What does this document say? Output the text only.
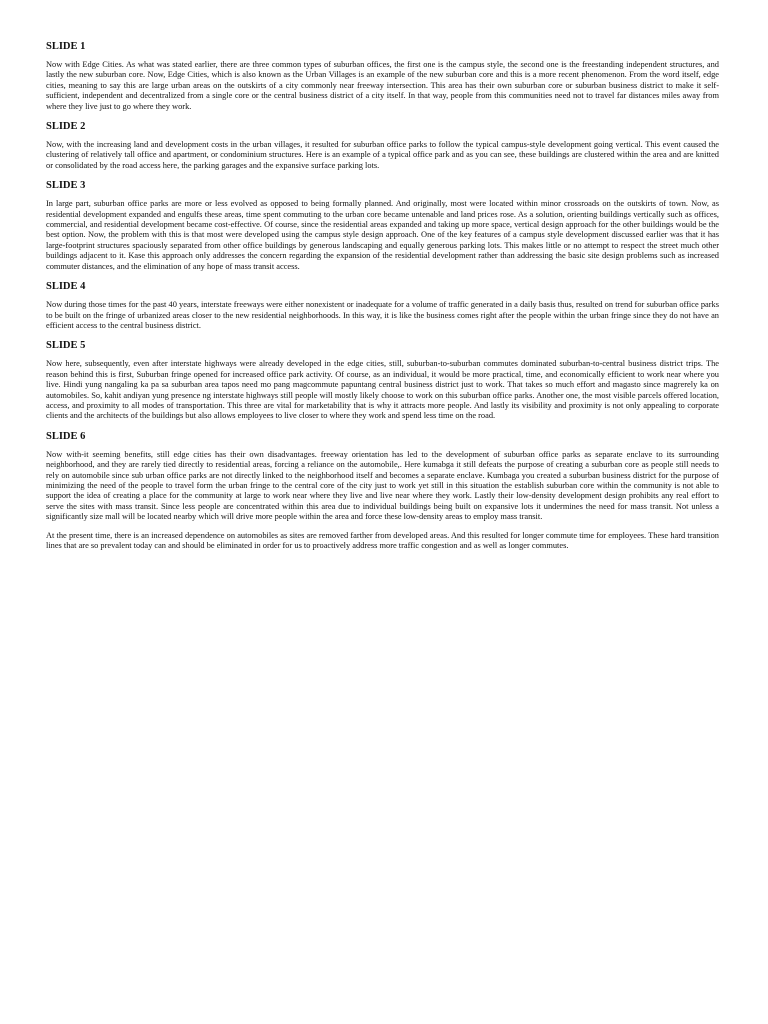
SLIDE 1

Now with Edge Cities. As what was stated earlier, there are three common types of suburban offices, the first one is the campus style, the second one is the freestanding independent structures, and lastly the new suburban core. Now, Edge Cities, which is also known as the Urban Villages is an example of the new suburban core and this is a more recent phenomenon. From the word itself, edge cities, meaning to say this are large urban areas on the outskirts of a city commonly near freeway intersection. This area has their own suburban core or suburban business district to make it self-sufficient, independent and decentralized from a single core or the central business district of a city itself. In that way, people from this communities need not to travel far distances miles away from where they live just to go where they work.

SLIDE 2

Now, with the increasing land and development costs in the urban villages, it resulted for suburban office parks to follow the typical campus-style development going vertical. This event caused the clustering of relatively tall office and apartment, or condominium structures. Here is an example of a typical office park and as you can see, these buildings are clustered within the area and are knitted or consolidated by the road access here, the parking garages and the expansive surface parking lots.

SLIDE 3

In large part, suburban office parks are more or less evolved as opposed to being formally planned. And originally, most were located within minor crossroads on the outskirts of town. Now, as residential development expanded and engulfs these areas, time spent commuting to the urban core became untenable and land prices rose. As a solution, orienting buildings vertically such as offices, commercial, and residential development became cost-effective. Of course, since the residential areas expanded and taking up more space, vertical design approach for the other buildings would be the best option. Now, the problem with this is that most were developed using the campus style design approach. One of the key features of a campus style development discussed earlier was that it has large-footprint structures spaciously separated from other office buildings by generous landscaping and equally generous parking lots. This makes little or no attempt to respect the street much other buildings adjacent to it. Kase this approach only addresses the concern regarding the expansion of the residential development rather than addressing the basic site design problems such as increased commuter distances, and the elimination of any hope of mass transit access.

SLIDE 4

Now during those times for the past 40 years, interstate freeways were either nonexistent or inadequate for a volume of traffic generated in a daily basis thus, resulted on trend for suburban office parks to be built on the fringe of urbanized areas closer to the new residential neighborhoods. In this way, it is like the business comes right after the people within the urban fringe since they do not have an efficient access to the central business district.

SLIDE 5

Now here, subsequently, even after interstate highways were already developed in the edge cities, still, suburban-to-suburban commutes dominated suburban-to-central business district trips. The reason behind this is first, Suburban fringe opened for increased office park activity. Of course, as an individual, it would be more practical, time, and economically efficient to work near where you live. Hindi yung nangaling ka pa sa suburban area tapos need mo pang magcommute papuntang central business district just to work. That takes so much effort and magasto since magrerely ka on automobiles. So, kahit andiyan yung presence ng interstate highways still people will mostly likely choose to work on this suburban office parks. Another one, the most visible parcels offered location, access, and proximity to all modes of transportation. This three are vital for marketability that is why it attracts more people. And lastly its visibility and proximity is not only appealing to corporate clients and the architects of the buildings but also allows employees to live closer to where they work and spend less time on the road.

SLIDE 6

Now with-it seeming benefits, still edge cities has their own disadvantages. freeway orientation has led to the development of suburban office parks as separate enclave to its surrounding neighborhood, and they are rarely tied directly to residential areas, forcing a reliance on the automobile,. Here kumabga it still defeats the purpose of creating a suburban core as people still needs to rely on automobile since sub urban office parks are not directly linked to the neighborhood itself and becomes a separate enclave. Kumbaga you created a suburban business district for the purpose of minimizing the need of the people to travel form the urban fringe to the central core of the city just to work yet still in this situation the establish suburban core within the community is not able to support the idea of creating a place for the community at large to work near where they live and live near where they work. Lastly their low-density development design prohibits any real effort to serve the sites with mass transit. Since less people are concentrated within this area due to individual buildings being built on expansive lots it undermines the need for mass transit. Not unless a significantly size mall will be located nearby which will drive more people within the area and force these low-density areas to employ mass transit.

At the present time, there is an increased dependence on automobiles as sites are removed farther from developed areas. And this resulted for longer commute time for employees. These hard transition lines that are so prevalent today can and should be eliminated in order for us to proactively address more traffic congestion and as well as longer commutes.
